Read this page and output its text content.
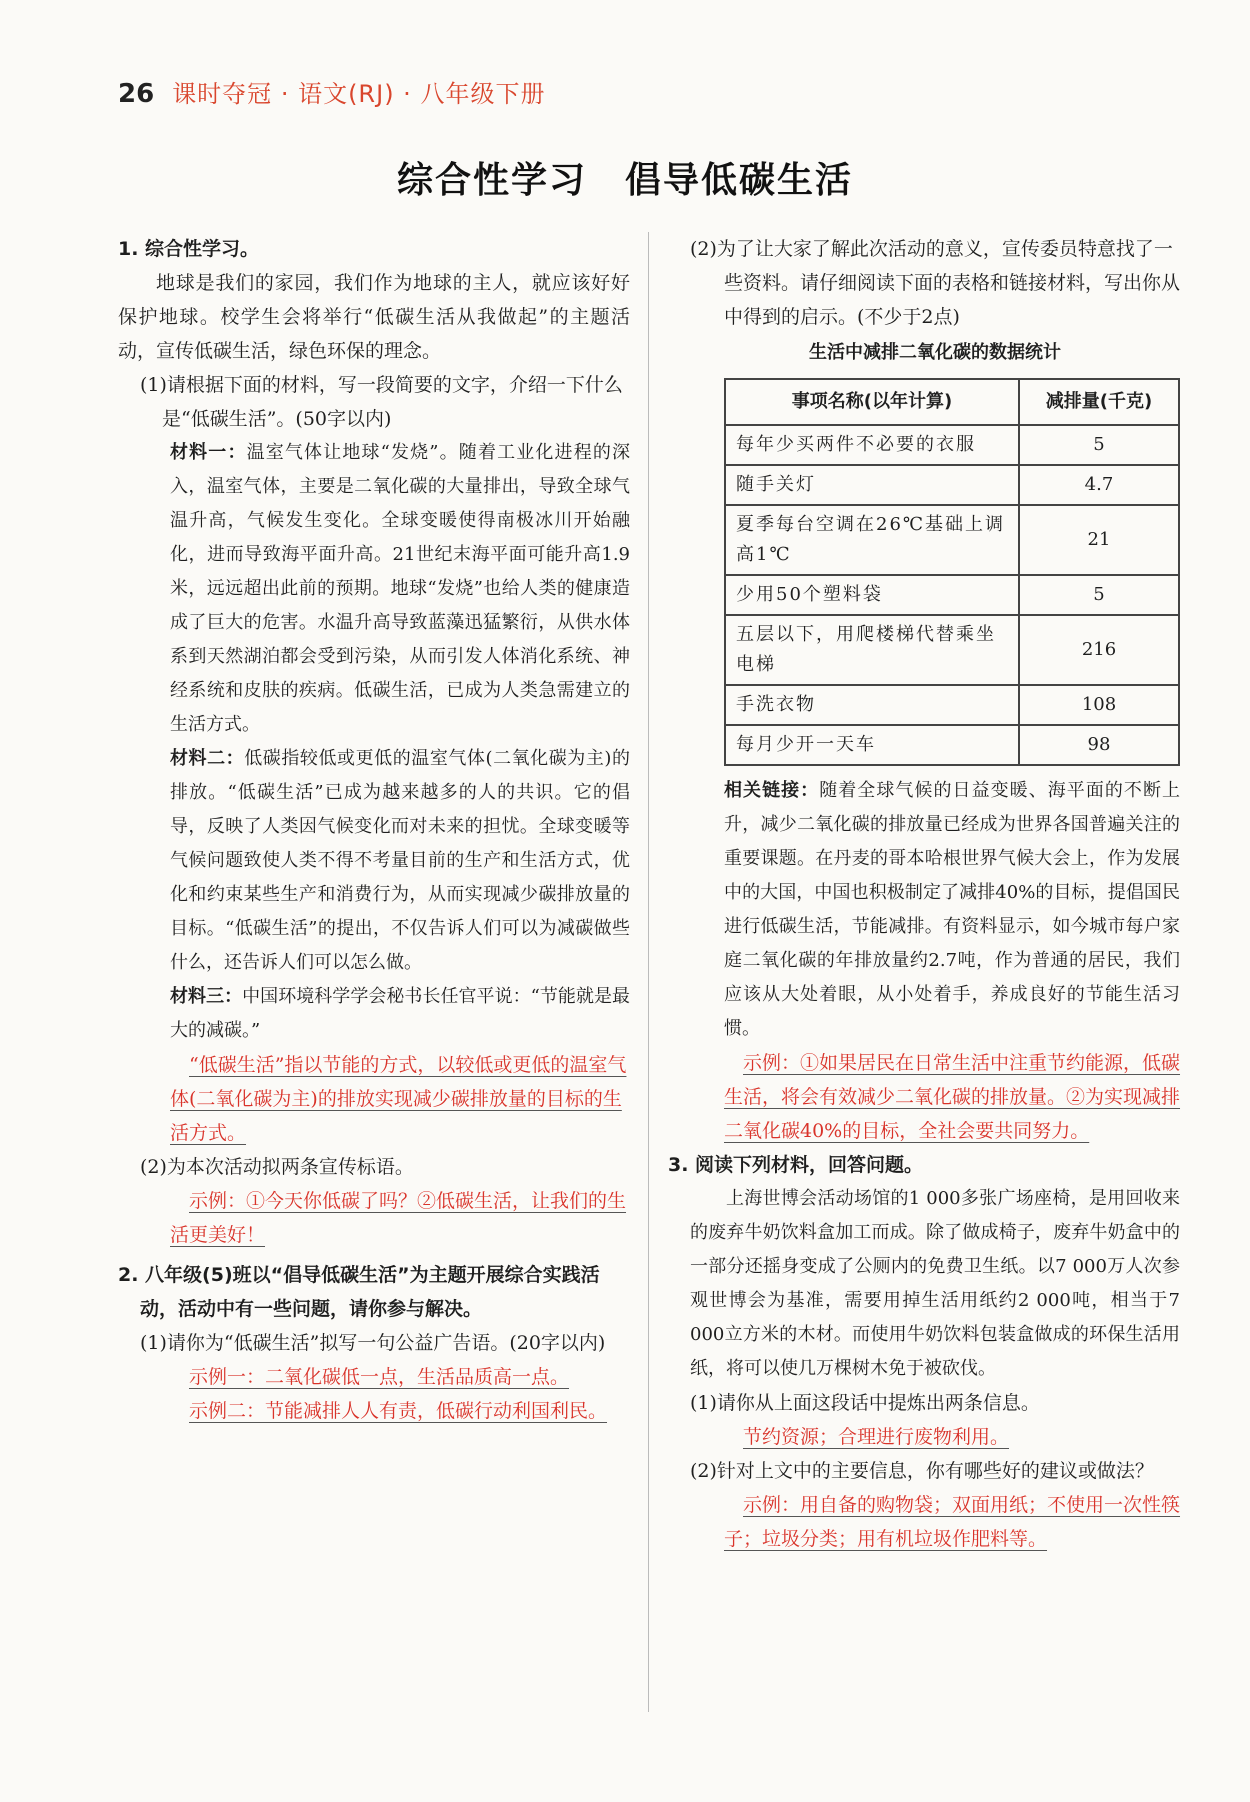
26 课时夺冠 · 语文(RJ) · 八年级下册
综合性学习　倡导低碳生活
1. 综合性学习。
地球是我们的家园，我们作为地球的主人，就应该好好保护地球。校学生会将举行“低碳生活从我做起”的主题活动，宣传低碳生活，绿色环保的理念。
(1)请根据下面的材料，写一段简要的文字，介绍一下什么是“低碳生活”。(50字以内)
材料一：温室气体让地球“发烧”。随着工业化进程的深入，温室气体，主要是二氧化碳的大量排出，导致全球气温升高，气候发生变化。全球变暖使得南极冰川开始融化，进而导致海平面升高。21世纪末海平面可能升高1.9米，远远超出此前的预期。地球“发烧”也给人类的健康造成了巨大的危害。水温升高导致蓝藻迅猛繁衍，从供水体系到天然湖泊都会受到污染，从而引发人体消化系统、神经系统和皮肤的疾病。低碳生活，已成为人类急需建立的生活方式。
材料二：低碳指较低或更低的温室气体(二氧化碳为主)的排放。“低碳生活”已成为越来越多的人的共识。它的倡导，反映了人类因气候变化而对未来的担忧。全球变暖等气候问题致使人类不得不考量目前的生产和生活方式，优化和约束某些生产和消费行为，从而实现减少碳排放量的目标。“低碳生活”的提出，不仅告诉人们可以为减碳做些什么，还告诉人们可以怎么做。
材料三：中国环境科学学会秘书长任官平说：“节能就是最大的减碳。”
“低碳生活”指以节能的方式，以较低或更低的温室气体(二氧化碳为主)的排放实现减少碳排放量的目标的生活方式。
(2)为本次活动拟两条宣传标语。
示例：①今天你低碳了吗？②低碳生活，让我们的生活更美好！
2. 八年级(5)班以“倡导低碳生活”为主题开展综合实践活动，活动中有一些问题，请你参与解决。
(1)请你为“低碳生活”拟写一句公益广告语。(20字以内)
示例一：二氧化碳低一点，生活品质高一点。
示例二：节能减排人人有责，低碳行动利国利民。
(2)为了让大家了解此次活动的意义，宣传委员特意找了一些资料。请仔细阅读下面的表格和链接材料，写出你从中得到的启示。(不少于2点)
生活中减排二氧化碳的数据统计
事项名称(以年计算)	减排量(千克)
每年少买两件不必要的衣服	5
随手关灯	4.7
夏季每台空调在26℃基础上调高1℃	21
少用50个塑料袋	5
五层以下，用爬楼梯代替乘坐电梯	216
手洗衣物	108
每月少开一天车	98
相关链接：随着全球气候的日益变暖、海平面的不断上升，减少二氧化碳的排放量已经成为世界各国普遍关注的重要课题。在丹麦的哥本哈根世界气候大会上，作为发展中的大国，中国也积极制定了减排40%的目标，提倡国民进行低碳生活，节能减排。有资料显示，如今城市每户家庭二氧化碳的年排放量约2.7吨，作为普通的居民，我们应该从大处着眼，从小处着手，养成良好的节能生活习惯。
示例：①如果居民在日常生活中注重节约能源，低碳生活，将会有效减少二氧化碳的排放量。②为实现减排二氧化碳40%的目标，全社会要共同努力。
3. 阅读下列材料，回答问题。
上海世博会活动场馆的1 000多张广场座椅，是用回收来的废弃牛奶饮料盒加工而成。除了做成椅子，废弃牛奶盒中的一部分还摇身变成了公厕内的免费卫生纸。以7 000万人次参观世博会为基准，需要用掉生活用纸约2 000吨，相当于7 000立方米的木材。而使用牛奶饮料包装盒做成的环保生活用纸，将可以使几万棵树木免于被砍伐。
(1)请你从上面这段话中提炼出两条信息。
节约资源；合理进行废物利用。
(2)针对上文中的主要信息，你有哪些好的建议或做法？
示例：用自备的购物袋；双面用纸；不使用一次性筷子；垃圾分类；用有机垃圾作肥料等。
